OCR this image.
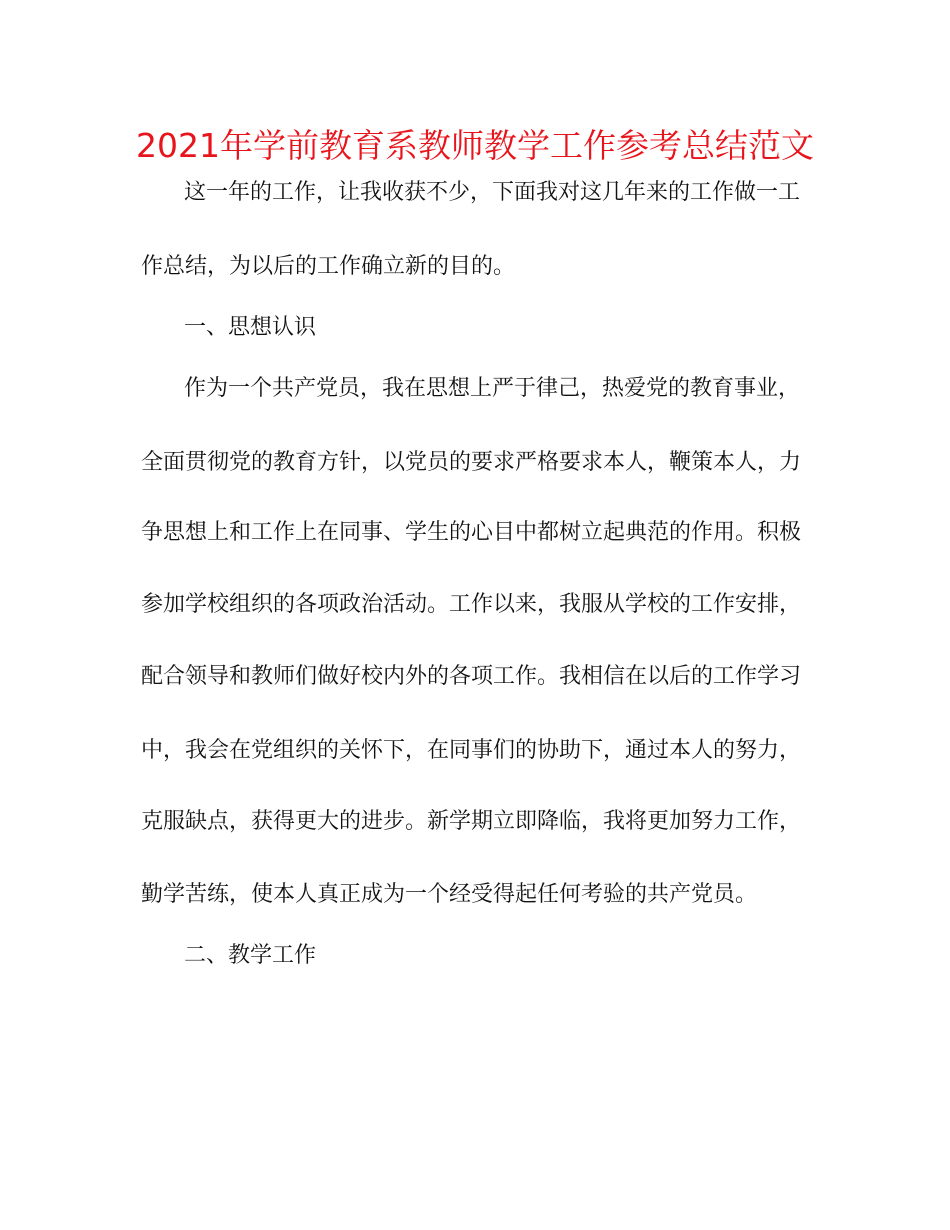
2021年学前教育系教师教学工作参考总结范文
这一年的工作，让我收获不少，下面我对这几年来的工作做一工
作总结，为以后的工作确立新的目的。
一、思想认识
作为一个共产党员，我在思想上严于律己，热爱党的教育事业，
全面贯彻党的教育方针，以党员的要求严格要求本人，鞭策本人，力
争思想上和工作上在同事、学生的心目中都树立起典范的作用。积极
参加学校组织的各项政治活动。工作以来，我服从学校的工作安排，
配合领导和教师们做好校内外的各项工作。我相信在以后的工作学习
中，我会在党组织的关怀下，在同事们的协助下，通过本人的努力，
克服缺点，获得更大的进步。新学期立即降临，我将更加努力工作，
勤学苦练，使本人真正成为一个经受得起任何考验的共产党员。
二、教学工作
